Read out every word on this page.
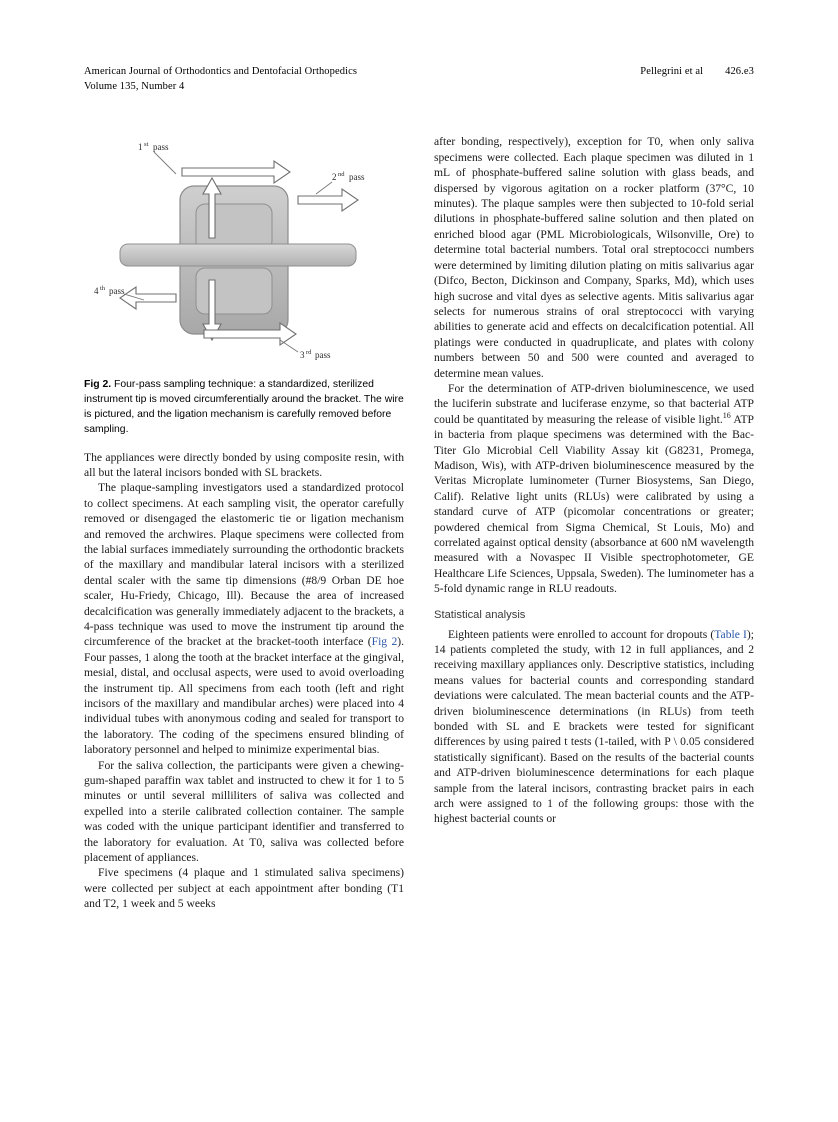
American Journal of Orthodontics and Dentofacial Orthopedics
Volume 135, Number 4
Pellegrini et al 426.e3
1 st pass
2 nd pass
3 rd pass
4 th pass
Fig 2. Four-pass sampling technique: a standardized, sterilized instrument tip is moved circumferentially around the bracket. The wire is pictured, and the ligation mechanism is carefully removed before sampling.

The appliances were directly bonded by using composite resin, with all but the lateral incisors bonded with SL brackets.

The plaque-sampling investigators used a standardized protocol to collect specimens. At each sampling visit, the operator carefully removed or disengaged the elastomeric tie or ligation mechanism and removed the archwires. Plaque specimens were collected from the labial surfaces immediately surrounding the orthodontic brackets of the maxillary and mandibular lateral incisors with a sterilized dental scaler with the same tip dimensions (#8/9 Orban DE hoe scaler, Hu-Friedy, Chicago, Ill). Because the area of increased decalcification was generally immediately adjacent to the brackets, a 4-pass technique was used to move the instrument tip around the circumference of the bracket at the bracket-tooth interface (Fig 2). Four passes, 1 along the tooth at the bracket interface at the gingival, mesial, distal, and occlusal aspects, were used to avoid overloading the instrument tip. All specimens from each tooth (left and right incisors of the maxillary and mandibular arches) were placed into 4 individual tubes with anonymous coding and sealed for transport to the laboratory. The coding of the specimens ensured blinding of laboratory personnel and helped to minimize experimental bias.

For the saliva collection, the participants were given a chewing-gum-shaped paraffin wax tablet and instructed to chew it for 1 to 5 minutes or until several milliliters of saliva was collected and expelled into a sterile calibrated collection container. The sample was coded with the unique participant identifier and transferred to the laboratory for evaluation. At T0, saliva was collected before placement of appliances.

Five specimens (4 plaque and 1 stimulated saliva specimens) were collected per subject at each appointment after bonding (T1 and T2, 1 week and 5 weeks

after bonding, respectively), exception for T0, when only saliva specimens were collected. Each plaque specimen was diluted in 1 mL of phosphate-buffered saline solution with glass beads, and dispersed by vigorous agitation on a rocker platform (37°C, 10 minutes). The plaque samples were then subjected to 10-fold serial dilutions in phosphate-buffered saline solution and then plated on enriched blood agar (PML Microbiologicals, Wilsonville, Ore) to determine total bacterial numbers. Total oral streptococci numbers were determined by limiting dilution plating on mitis salivarius agar (Difco, Becton, Dickinson and Company, Sparks, Md), which uses high sucrose and vital dyes as selective agents. Mitis salivarius agar selects for numerous strains of oral streptococci with varying abilities to generate acid and effects on decalcification potential. All platings were conducted in quadruplicate, and plates with colony numbers between 50 and 500 were counted and averaged to determine mean values.

For the determination of ATP-driven bioluminescence, we used the luciferin substrate and luciferase enzyme, so that bacterial ATP could be quantitated by measuring the release of visible light.$^{16}$ ATP in bacteria from plaque specimens was determined with the Bac-Titer Glo Microbial Cell Viability Assay kit (G8231, Promega, Madison, Wis), with ATP-driven bioluminescence measured by the Veritas Microplate luminometer (Turner Biosystems, San Diego, Calif). Relative light units (RLUs) were calibrated by using a standard curve of ATP (picomolar concentrations or greater; powdered chemical from Sigma Chemical, St Louis, Mo) and correlated against optical density (absorbance at 600 nM wavelength measured with a Novaspec II Visible spectrophotometer, GE Healthcare Life Sciences, Uppsala, Sweden). The luminometer has a 5-fold dynamic range in RLU readouts.

Statistical analysis

Eighteen patients were enrolled to account for dropouts (Table I); 14 patients completed the study, with 12 in full appliances, and 2 receiving maxillary appliances only. Descriptive statistics, including means values for bacterial counts and corresponding standard deviations were calculated. The mean bacterial counts and the ATP-driven bioluminescence determinations (in RLUs) from teeth bonded with SL and E brackets were tested for significant differences by using paired t tests (1-tailed, with P \ 0.05 considered statistically significant). Based on the results of the bacterial counts and ATP-driven bioluminescence determinations for each plaque sample from the lateral incisors, contrasting bracket pairs in each arch were assigned to 1 of the following groups: those with the highest bacterial counts or
